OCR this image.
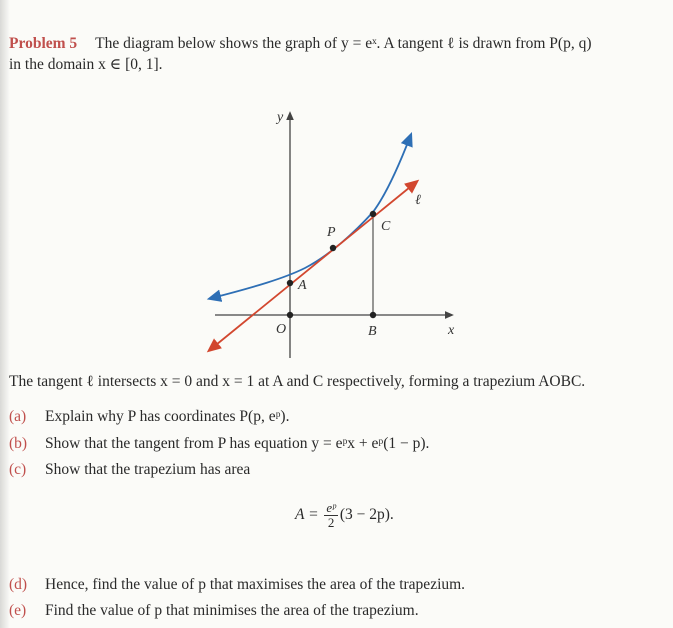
Problem 5 The diagram below shows the graph of y = eˣ. A tangent ℓ is drawn from P(p, q)
in the domain x ∈ [0, 1].
y
x
O
A
B
C
P
ℓ
The tangent ℓ intersects x = 0 and x = 1 at A and C respectively, forming a trapezium AOBC.
(a) Explain why P has coordinates P(p, eᵖ).
(b) Show that the tangent from P has equation y = eᵖx + eᵖ(1 − p).
(c) Show that the trapezium has area
$A = \frac{\text{eᵖ}}{2} (3 - 2p)$.
(d) Hence, find the value of p that maximises the area of the trapezium.
(e) Find the value of p that minimises the area of the trapezium.
